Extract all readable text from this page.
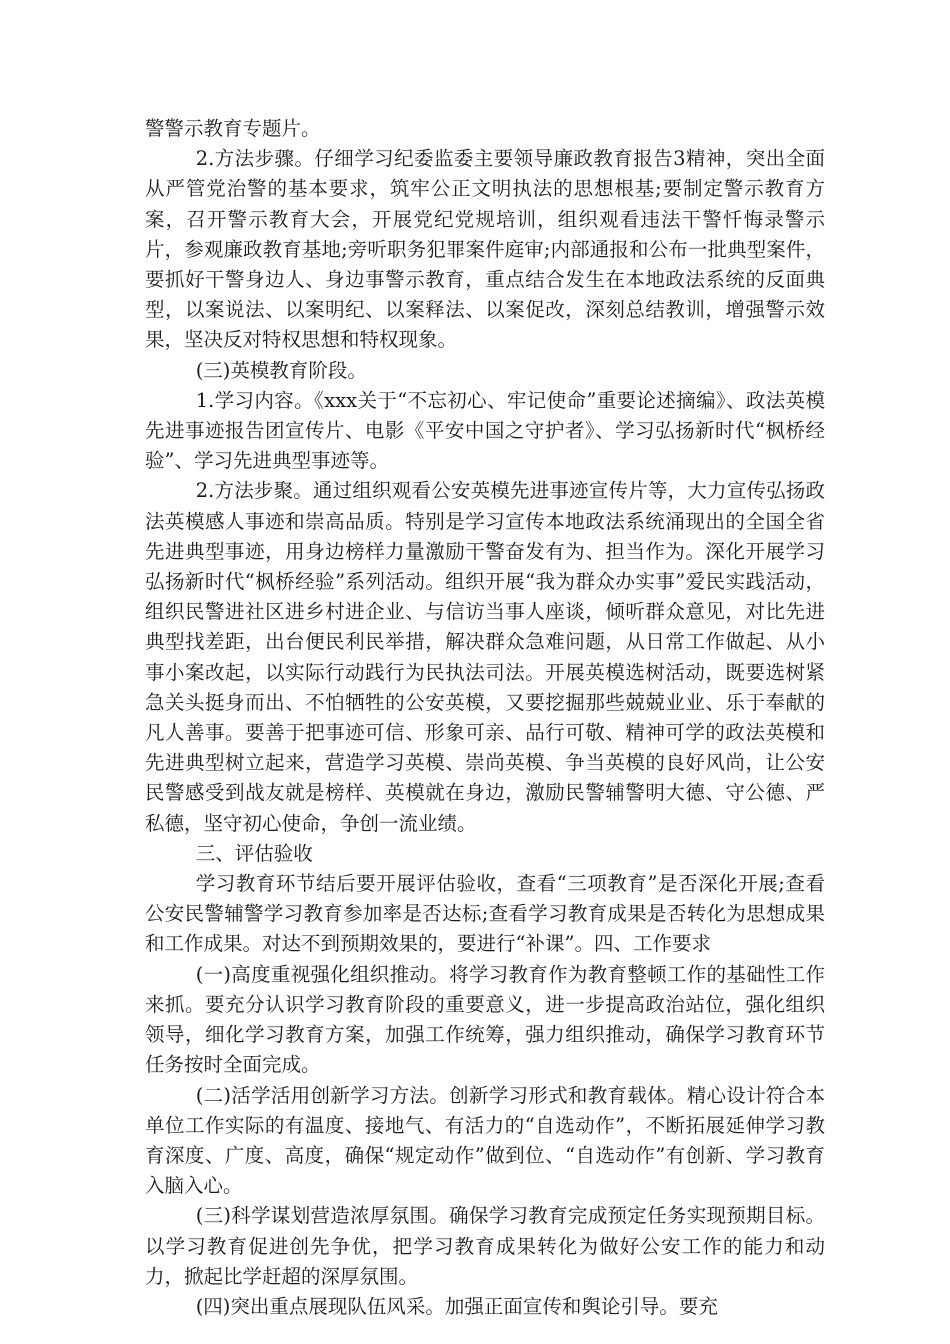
警警示教育专题片。

2.方法步骤。仔细学习纪委监委主要领导廉政教育报告3精神，突出全面从严管党治警的基本要求，筑牢公正文明执法的思想根基;要制定警示教育方案，召开警示教育大会，开展党纪党规培训，组织观看违法干警忏悔录警示片，参观廉政教育基地;旁听职务犯罪案件庭审;内部通报和公布一批典型案件，要抓好干警身边人、身边事警示教育，重点结合发生在本地政法系统的反面典型，以案说法、以案明纪、以案释法、以案促改，深刻总结教训，增强警示效果，坚决反对特权思想和特权现象。

(三)英模教育阶段。

1.学习内容。《xxx关于“不忘初心、牢记使命”重要论述摘编》、政法英模先进事迹报告团宣传片、电影《平安中国之守护者》、学习弘扬新时代“枫桥经验”、学习先进典型事迹等。

2.方法步聚。通过组织观看公安英模先进事迹宣传片等，大力宣传弘扬政法英模感人事迹和崇高品质。特别是学习宣传本地政法系统涌现出的全国全省先进典型事迹，用身边榜样力量激励干警奋发有为、担当作为。深化开展学习弘扬新时代“枫桥经验”系列活动。组织开展“我为群众办实事”爱民实践活动，组织民警进社区进乡村进企业、与信访当事人座谈，倾听群众意见，对比先进典型找差距，出台便民利民举措，解决群众急难问题，从日常工作做起、从小事小案改起，以实际行动践行为民执法司法。开展英模选树活动，既要选树紧急关头挺身而出、不怕牺牲的公安英模，又要挖掘那些兢兢业业、乐于奉献的凡人善事。要善于把事迹可信、形象可亲、品行可敬、精神可学的政法英模和先进典型树立起来，营造学习英模、崇尚英模、争当英模的良好风尚，让公安民警感受到战友就是榜样、英模就在身边，激励民警辅警明大德、守公德、严私德，坚守初心使命，争创一流业绩。

三、评估验收

学习教育环节结后要开展评估验收，查看“三项教育”是否深化开展;查看公安民警辅警学习教育参加率是否达标;查看学习教育成果是否转化为思想成果和工作成果。对达不到预期效果的，要进行“补课”。四、工作要求

(一)高度重视强化组织推动。将学习教育作为教育整顿工作的基础性工作来抓。要充分认识学习教育阶段的重要意义，进一步提高政治站位，强化组织领导，细化学习教育方案，加强工作统筹，强力组织推动，确保学习教育环节任务按时全面完成。

(二)活学活用创新学习方法。创新学习形式和教育载体。精心设计符合本单位工作实际的有温度、接地气、有活力的“自选动作”，不断拓展延伸学习教育深度、广度、高度，确保“规定动作”做到位、“自选动作”有创新、学习教育入脑入心。

(三)科学谋划营造浓厚氛围。确保学习教育完成预定任务实现预期目标。以学习教育促进创先争优，把学习教育成果转化为做好公安工作的能力和动力，掀起比学赶超的深厚氛围。

(四)突出重点展现队伍风采。加强正面宣传和舆论引导。要充
